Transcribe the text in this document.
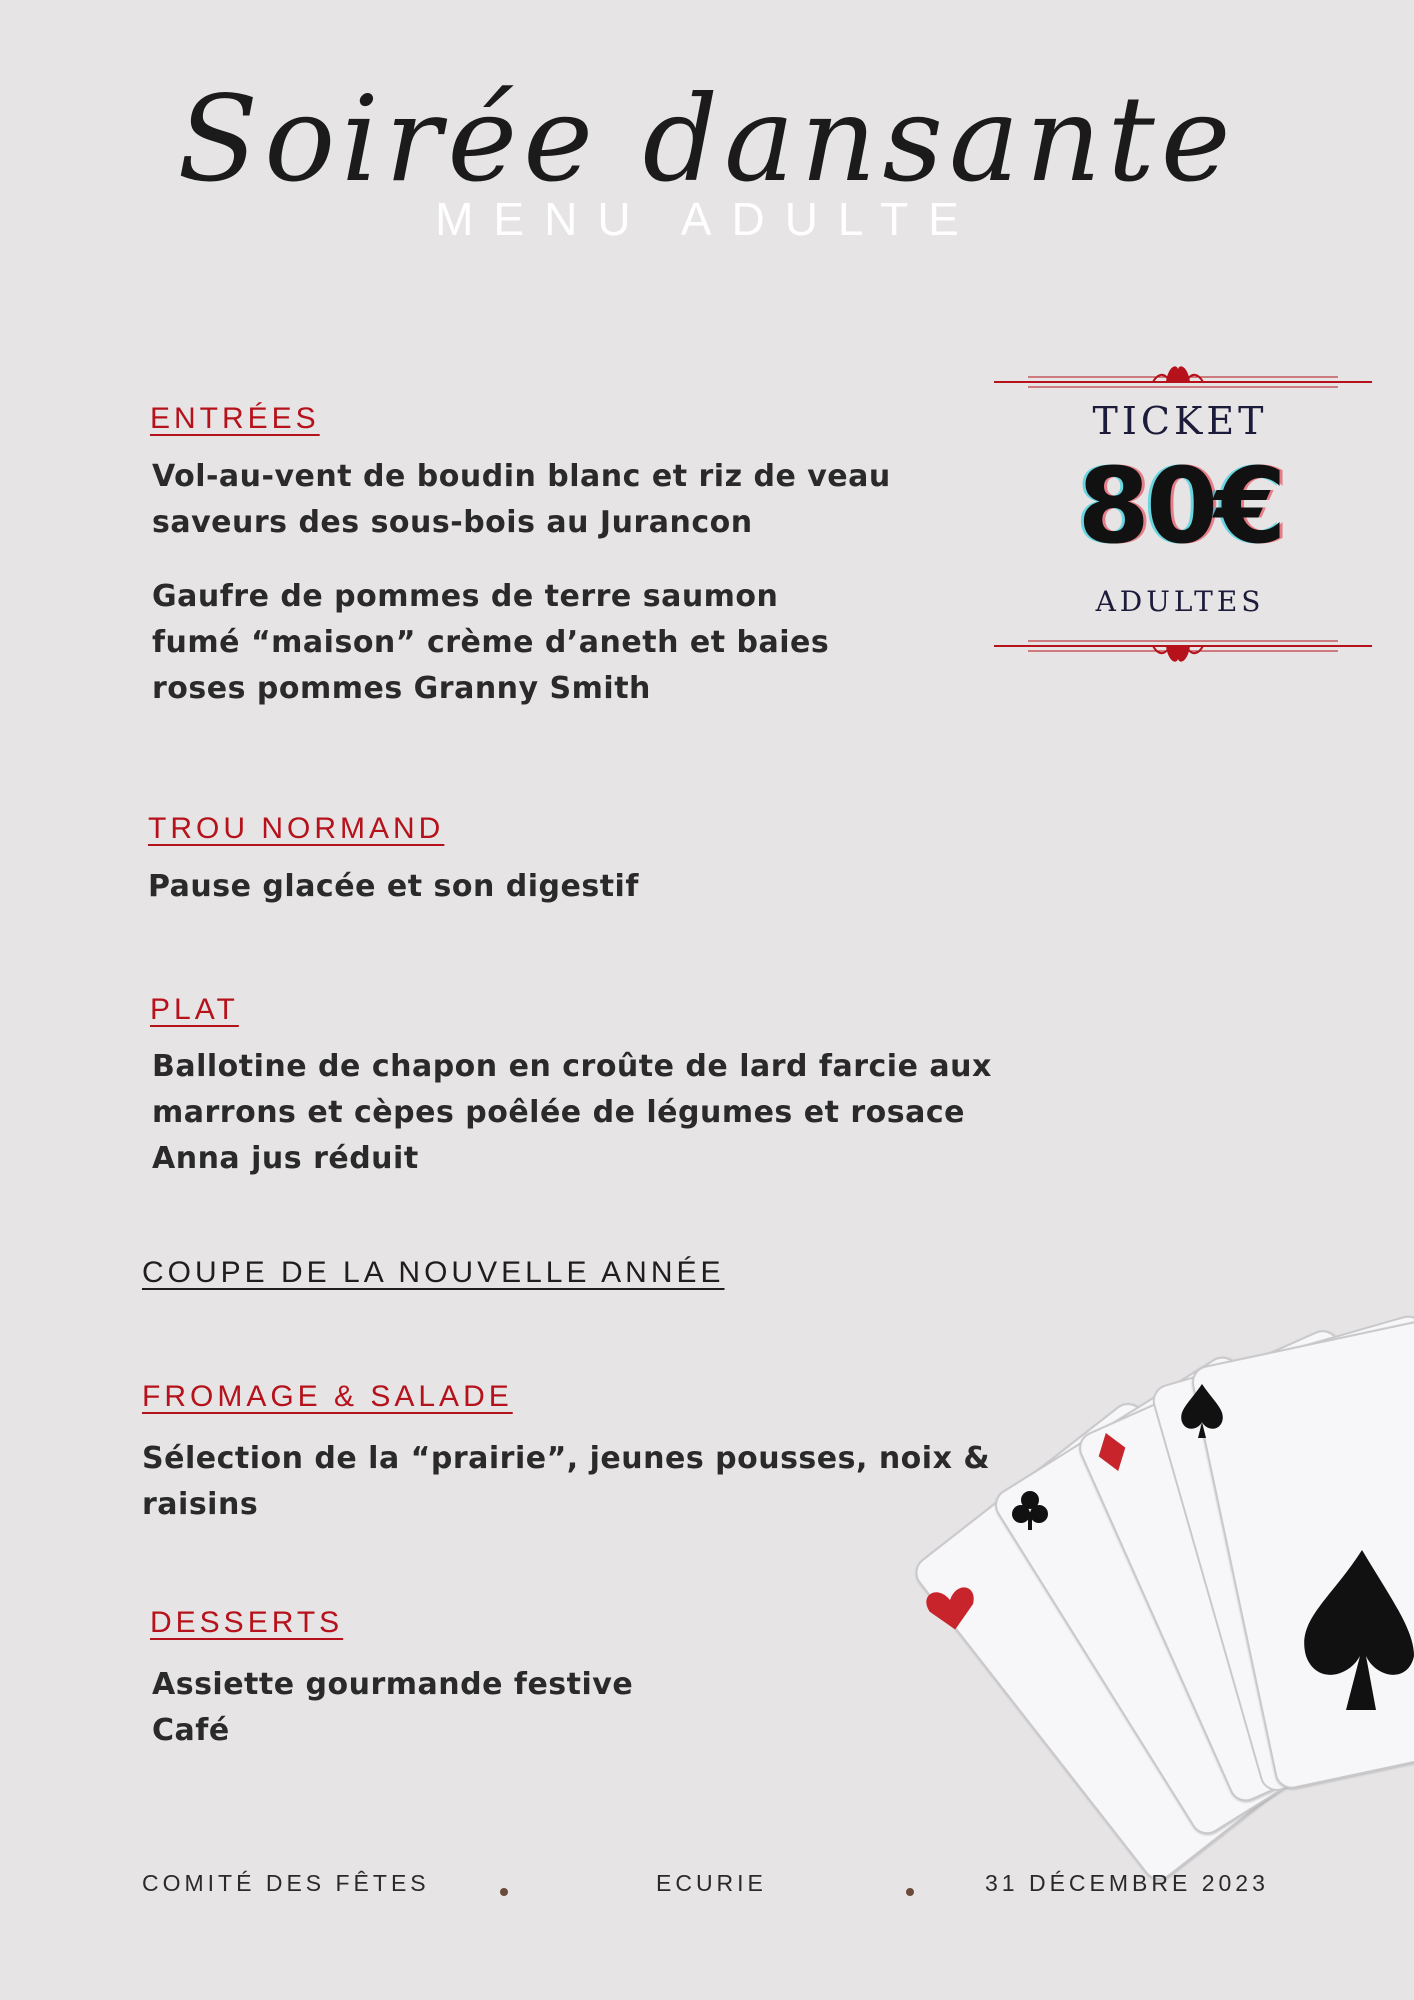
Soirée dansante
MENU ADULTE
TICKET
80€
ADULTES
ENTRÉES
Vol-au-vent de boudin blanc et riz de veau
saveurs des sous-bois au Jurancon
Gaufre de pommes de terre saumon
fumé “maison” crème d’aneth et baies
roses pommes Granny Smith
TROU NORMAND
Pause glacée et son digestif
PLAT
Ballotine de chapon en croûte de lard farcie aux
marrons et cèpes poêlée de légumes et rosace
Anna jus réduit
COUPE DE LA NOUVELLE ANNÉE
FROMAGE & SALADE
Sélection de la “prairie”, jeunes pousses, noix &
raisins
DESSERTS
Assiette gourmande festive
Café
COMITÉ DES FÊTES	ECURIE	31 DÉCEMBRE 2023
